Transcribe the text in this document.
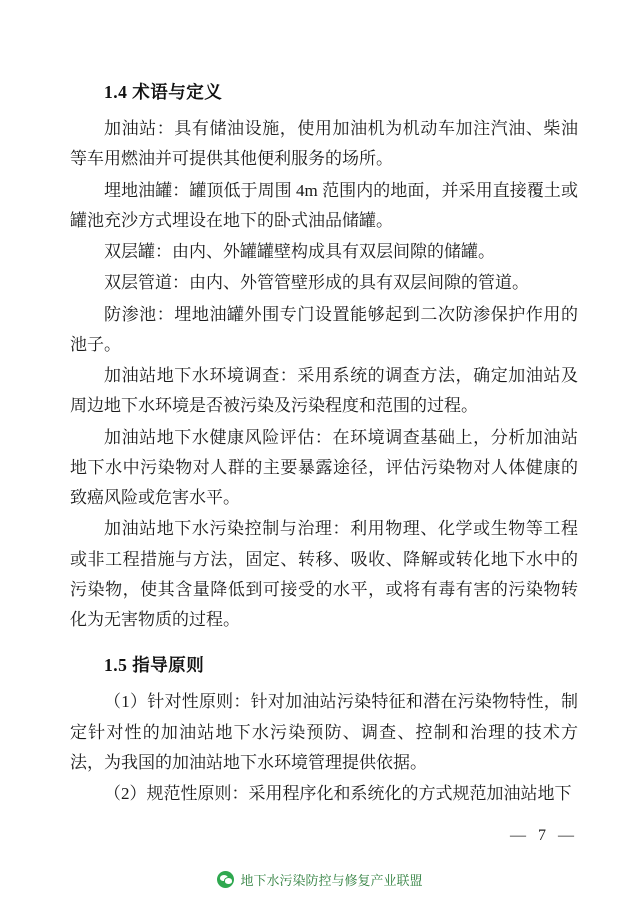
1.4 术语与定义

加油站：具有储油设施，使用加油机为机动车加注汽油、柴油等车用燃油并可提供其他便利服务的场所。

埋地油罐：罐顶低于周围 4m 范围内的地面，并采用直接覆土或罐池充沙方式埋设在地下的卧式油品储罐。

双层罐：由内、外罐罐壁构成具有双层间隙的储罐。

双层管道：由内、外管管壁形成的具有双层间隙的管道。

防渗池：埋地油罐外围专门设置能够起到二次防渗保护作用的池子。

加油站地下水环境调查：采用系统的调查方法，确定加油站及周边地下水环境是否被污染及污染程度和范围的过程。

加油站地下水健康风险评估：在环境调查基础上，分析加油站地下水中污染物对人群的主要暴露途径，评估污染物对人体健康的致癌风险或危害水平。

加油站地下水污染控制与治理：利用物理、化学或生物等工程或非工程措施与方法，固定、转移、吸收、降解或转化地下水中的污染物，使其含量降低到可接受的水平，或将有毒有害的污染物转化为无害物质的过程。

1.5 指导原则

（1）针对性原则：针对加油站污染特征和潜在污染物特性，制定针对性的加油站地下水污染预防、调查、控制和治理的技术方法，为我国的加油站地下水环境管理提供依据。

（2）规范性原则：采用程序化和系统化的方式规范加油站地下

— 7 —
地下水污染防控与修复产业联盟
